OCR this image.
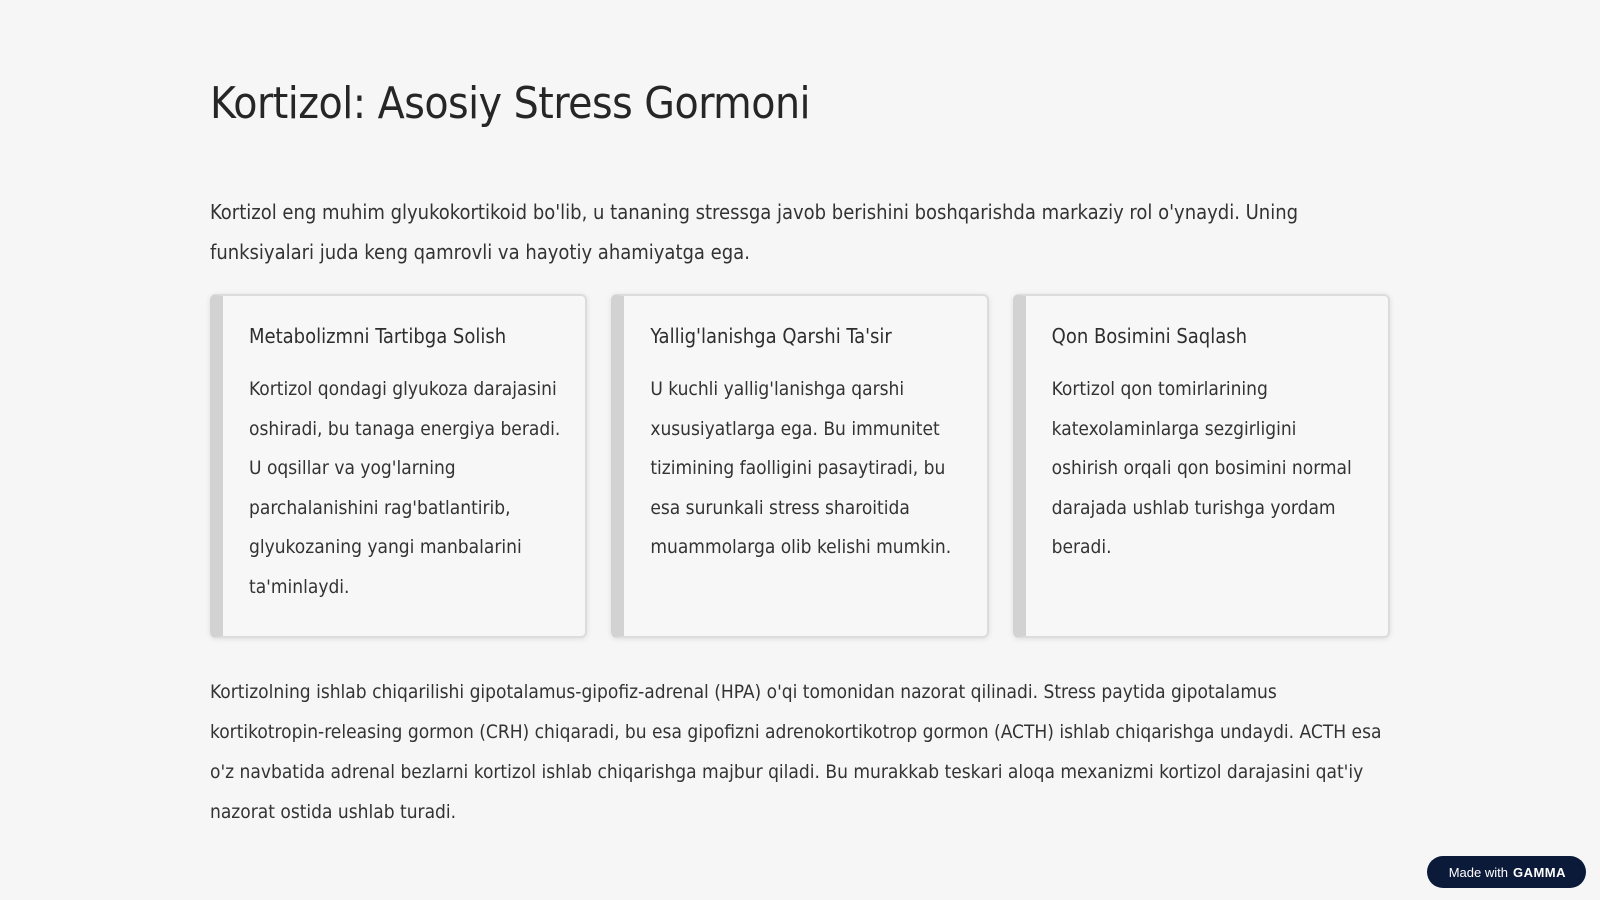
Kortizol: Asosiy Stress Gormoni

Kortizol eng muhim glyukokortikoid bo'lib, u tananing stressga javob berishini boshqarishda markaziy rol o'ynaydi. Uning funksiyalari juda keng qamrovli va hayotiy ahamiyatga ega.

Metabolizmni Tartibga Solish

Kortizol qondagi glyukoza darajasini oshiradi, bu tanaga energiya beradi. U oqsillar va yog'larning parchalanishini rag'batlantirib, glyukozaning yangi manbalarini ta'minlaydi.

Yallig'lanishga Qarshi Ta'sir

U kuchli yallig'lanishga qarshi xususiyatlarga ega. Bu immunitet tizimining faolligini pasaytiradi, bu esa surunkali stress sharoitida muammolarga olib kelishi mumkin.

Qon Bosimini Saqlash

Kortizol qon tomirlarining katexolaminlarga sezgirligini oshirish orqali qon bosimini normal darajada ushlab turishga yordam beradi.

Kortizolning ishlab chiqarilishi gipotalamus-gipofiz-adrenal (HPA) o'qi tomonidan nazorat qilinadi. Stress paytida gipotalamus kortikotropin-releasing gormon (CRH) chiqaradi, bu esa gipofizni adrenokortikotrop gormon (ACTH) ishlab chiqarishga undaydi. ACTH esa o'z navbatida adrenal bezlarni kortizol ishlab chiqarishga majbur qiladi. Bu murakkab teskari aloqa mexanizmi kortizol darajasini qat'iy nazorat ostida ushlab turadi.

Made with GAMMA
